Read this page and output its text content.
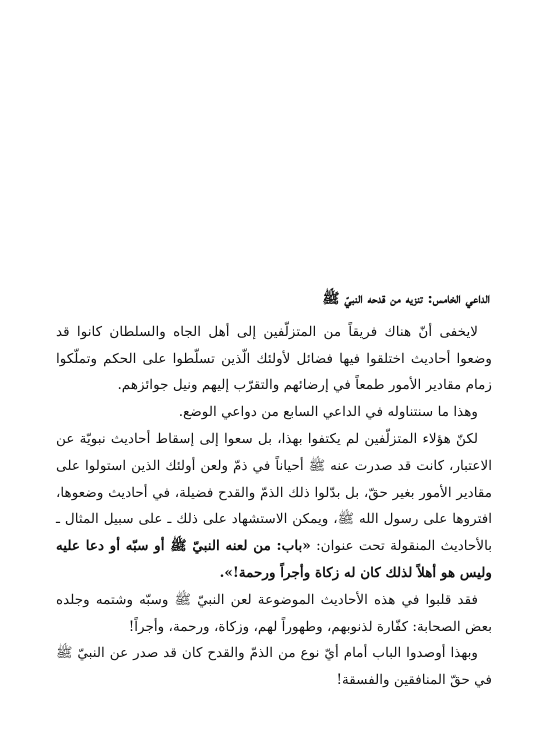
الداعي الخامس: تنزيه من قدحه النبيّ ﷺ

لايخفى أنّ هناك فريقاً من المتزلّفين إلى أهل الجاه والسلطان كانوا قد وضعوا أحاديث اختلقوا فيها فضائل لأولئك الّذين تسلّطوا على الحكم وتملّكوا زمام مقادير الأمور طمعاً في إرضائهم والتقرّب إليهم ونيل جوائزهم.

وهذا ما سنتناوله في الداعي السابع من دواعي الوضع.

لكنّ هؤلاء المتزلّفين لم يكتفوا بهذا، بل سعوا إلى إسقاط أحاديث نبويّة عن الاعتبار، كانت قد صدرت عنه ﷺ أحياناً في ذمّ ولعن أولئك الذين استولوا على مقادير الأمور بغير حقّ، بل بدّلوا ذلك الذمّ والقدح فضيلة، في أحاديث وضعوها، افتروها على رسول الله ﷺ، ويمكن الاستشهاد على ذلك ـ على سبيل المثال ـ بالأحاديث المنقولة تحت عنوان: «باب: من لعنه النبيّ ﷺ أو سبّه أو دعا عليه وليس هو أهلاً لذلك كان له زكاة وأجراً ورحمة!».

فقد قلبوا في هذه الأحاديث الموضوعة لعن النبيّ ﷺ وسبّه وشتمه وجلده بعض الصحابة: كفّارة لذنوبهم، وطهوراً لهم، وزكاة، ورحمة، وأجراً!

وبهذا أوصدوا الباب أمام أيّ نوع من الذمّ والقدح كان قد صدر عن النبيّ ﷺ في حقّ المنافقين والفسقة!
